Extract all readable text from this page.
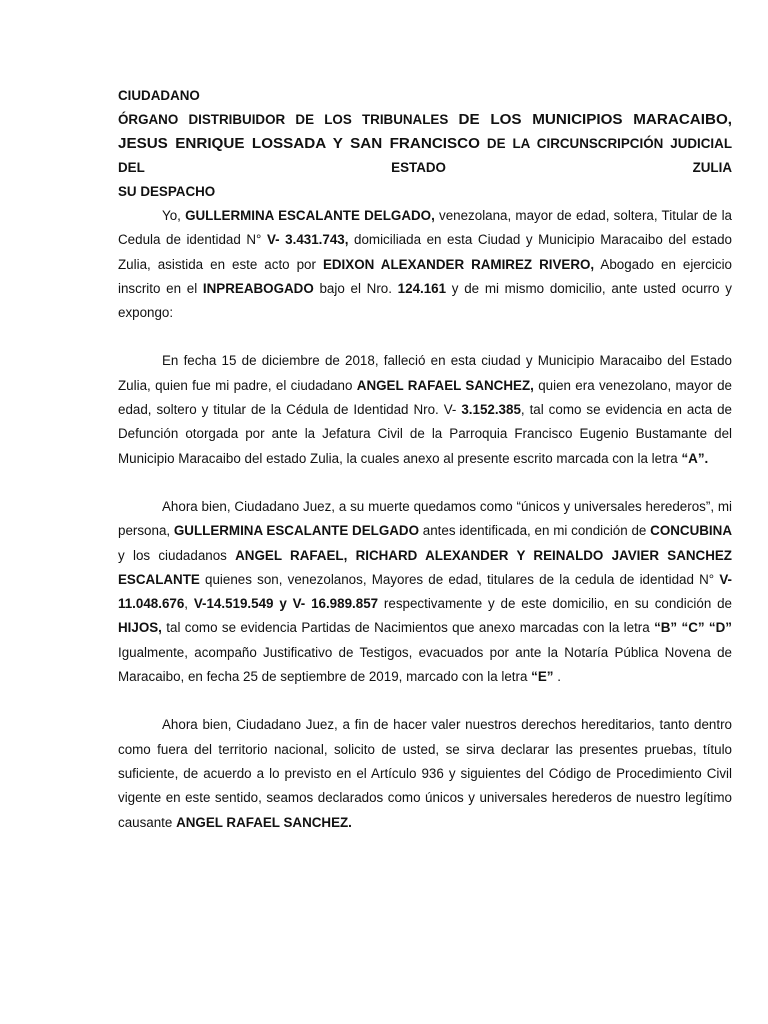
CIUDADANO
ÓRGANO DISTRIBUIDOR DE LOS TRIBUNALES DE LOS MUNICIPIOS MARACAIBO, JESUS ENRIQUE LOSSADA Y SAN FRANCISCO DE LA CIRCUNSCRIPCIÓN JUDICIAL DEL ESTADO ZULIA
SU DESPACHO

Yo, GULLERMINA ESCALANTE DELGADO, venezolana, mayor de edad, soltera, Titular de la Cedula de identidad N° V- 3.431.743, domiciliada en esta Ciudad y Municipio Maracaibo del estado Zulia, asistida en este acto por EDIXON ALEXANDER RAMIREZ RIVERO, Abogado en ejercicio inscrito en el INPREABOGADO bajo el Nro. 124.161 y de mi mismo domicilio, ante usted ocurro y expongo:

En fecha 15 de diciembre de 2018, falleció en esta ciudad y Municipio Maracaibo del Estado Zulia, quien fue mi padre, el ciudadano ANGEL RAFAEL SANCHEZ, quien era venezolano, mayor de edad, soltero y titular de la Cédula de Identidad Nro. V- 3.152.385, tal como se evidencia en acta de Defunción otorgada por ante la Jefatura Civil de la Parroquia Francisco Eugenio Bustamante del Municipio Maracaibo del estado Zulia, la cuales anexo al presente escrito marcada con la letra “A”.

Ahora bien, Ciudadano Juez, a su muerte quedamos como “únicos y universales herederos”, mi persona, GULLERMINA ESCALANTE DELGADO antes identificada, en mi condición de CONCUBINA y los ciudadanos ANGEL RAFAEL, RICHARD ALEXANDER Y REINALDO JAVIER SANCHEZ ESCALANTE quienes son, venezolanos, Mayores de edad, titulares de la cedula de identidad N° V- 11.048.676, V-14.519.549 y V- 16.989.857 respectivamente y de este domicilio, en su condición de HIJOS, tal como se evidencia Partidas de Nacimientos que anexo marcadas con la letra “B” “C” “D” Igualmente, acompaño Justificativo de Testigos, evacuados por ante la Notaría Pública Novena de Maracaibo, en fecha 25 de septiembre de 2019, marcado con la letra “E” .

Ahora bien, Ciudadano Juez, a fin de hacer valer nuestros derechos hereditarios, tanto dentro como fuera del territorio nacional, solicito de usted, se sirva declarar las presentes pruebas, título suficiente, de acuerdo a lo previsto en el Artículo 936 y siguientes del Código de Procedimiento Civil vigente en este sentido, seamos declarados como únicos y universales herederos de nuestro legítimo causante ANGEL RAFAEL SANCHEZ.
